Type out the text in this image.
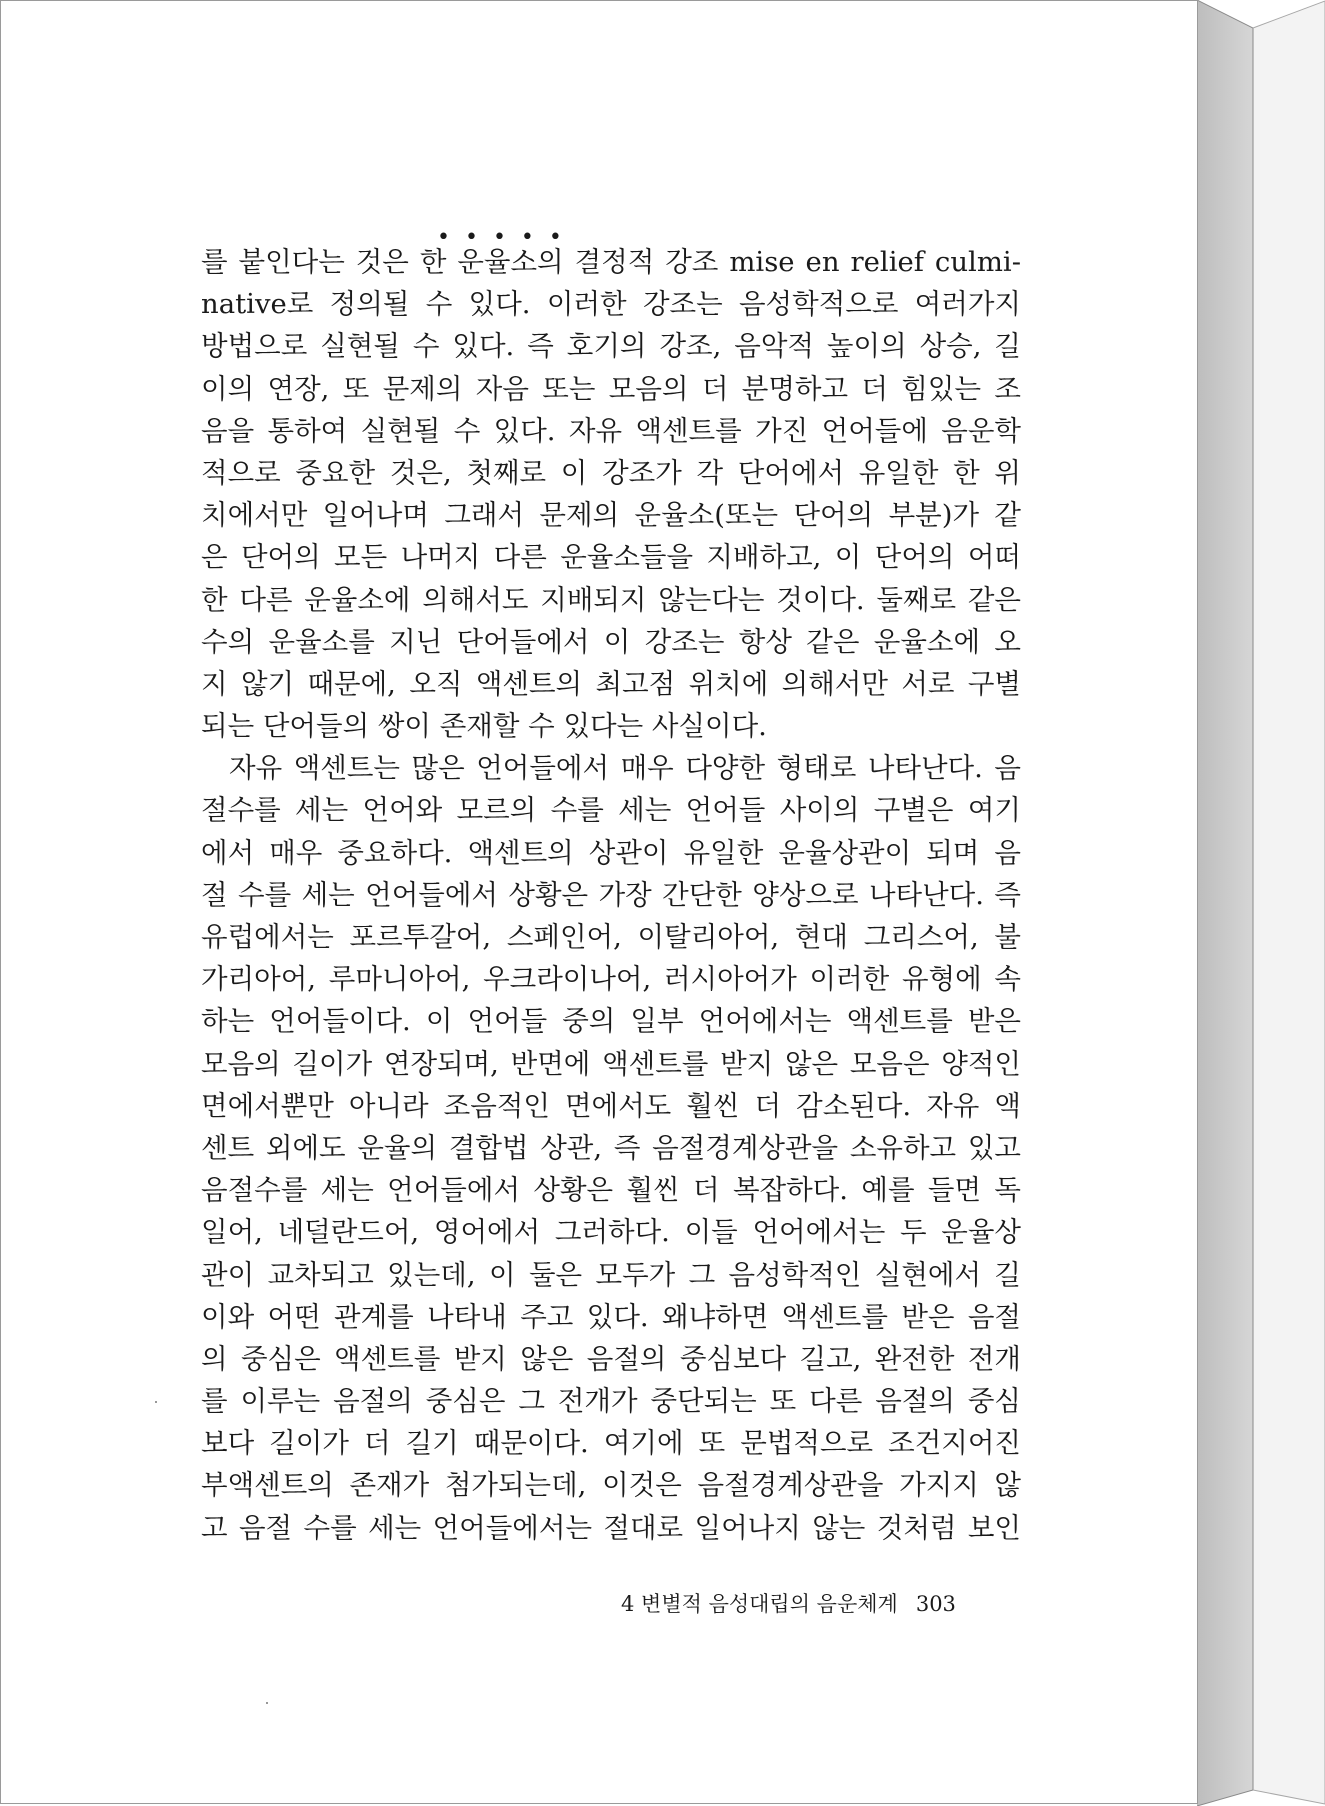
• • • • •
를 붙인다는 것은 한 운율소의 결정적 강조 mise en relief culmi-
native로 정의될 수 있다. 이러한 강조는 음성학적으로 여러가지
방법으로 실현될 수 있다. 즉 호기의 강조, 음악적 높이의 상승, 길
이의 연장, 또 문제의 자음 또는 모음의 더 분명하고 더 힘있는 조
음을 통하여 실현될 수 있다. 자유 액센트를 가진 언어들에 음운학
적으로 중요한 것은, 첫째로 이 강조가 각 단어에서 유일한 한 위
치에서만 일어나며 그래서 문제의 운율소(또는 단어의 부분)가 같
은 단어의 모든 나머지 다른 운율소들을 지배하고, 이 단어의 어떠
한 다른 운율소에 의해서도 지배되지 않는다는 것이다. 둘째로 같은
수의 운율소를 지닌 단어들에서 이 강조는 항상 같은 운율소에 오
지 않기 때문에, 오직 액센트의 최고점 위치에 의해서만 서로 구별
되는 단어들의 쌍이 존재할 수 있다는 사실이다.
자유 액센트는 많은 언어들에서 매우 다양한 형태로 나타난다. 음
절수를 세는 언어와 모르의 수를 세는 언어들 사이의 구별은 여기
에서 매우 중요하다. 액센트의 상관이 유일한 운율상관이 되며 음
절 수를 세는 언어들에서 상황은 가장 간단한 양상으로 나타난다. 즉
유럽에서는 포르투갈어, 스페인어, 이탈리아어, 현대 그리스어, 불
가리아어, 루마니아어, 우크라이나어, 러시아어가 이러한 유형에 속
하는 언어들이다. 이 언어들 중의 일부 언어에서는 액센트를 받은
모음의 길이가 연장되며, 반면에 액센트를 받지 않은 모음은 양적인
면에서뿐만 아니라 조음적인 면에서도 훨씬 더 감소된다. 자유 액
센트 외에도 운율의 결합법 상관, 즉 음절경계상관을 소유하고 있고
음절수를 세는 언어들에서 상황은 훨씬 더 복잡하다. 예를 들면 독
일어, 네덜란드어, 영어에서 그러하다. 이들 언어에서는 두 운율상
관이 교차되고 있는데, 이 둘은 모두가 그 음성학적인 실현에서 길
이와 어떤 관계를 나타내 주고 있다. 왜냐하면 액센트를 받은 음절
의 중심은 액센트를 받지 않은 음절의 중심보다 길고, 완전한 전개
를 이루는 음절의 중심은 그 전개가 중단되는 또 다른 음절의 중심
보다 길이가 더 길기 때문이다. 여기에 또 문법적으로 조건지어진
부액센트의 존재가 첨가되는데, 이것은 음절경계상관을 가지지 않
고 음절 수를 세는 언어들에서는 절대로 일어나지 않는 것처럼 보인
4 변별적 음성대립의 음운체계 303
